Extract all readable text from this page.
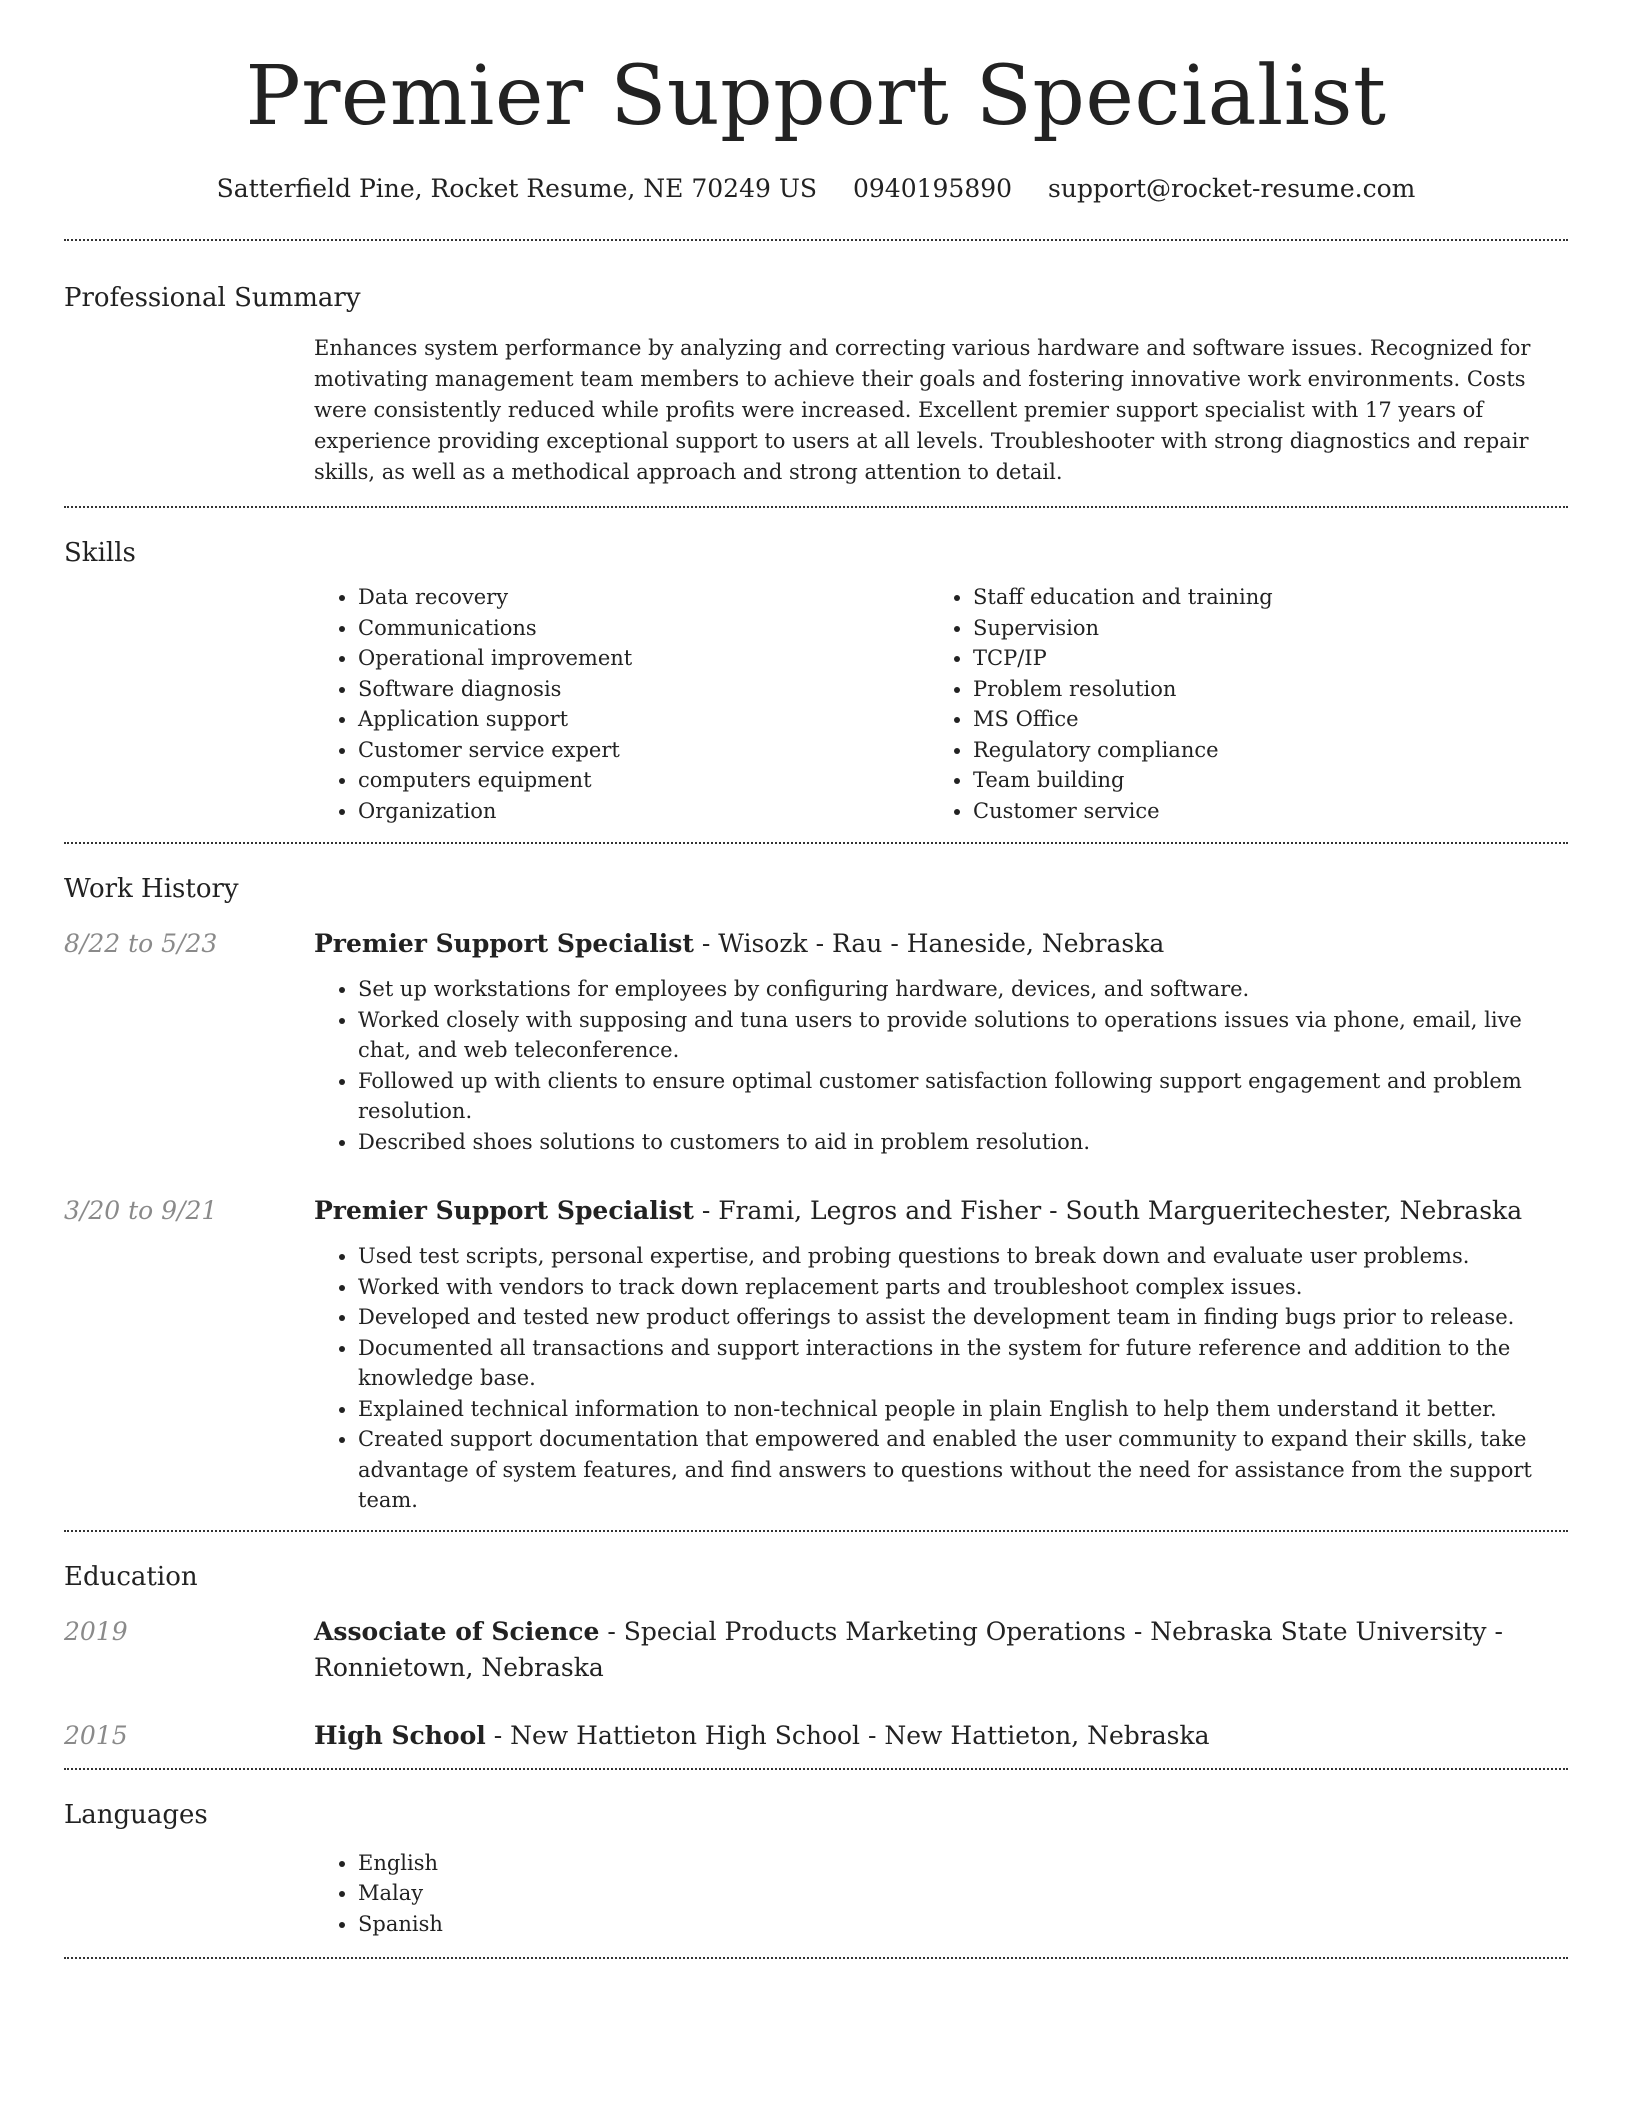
Premier Support Specialist
Satterfield Pine, Rocket Resume, NE 70249 US 0940195890 support@rocket-resume.com
Professional Summary

Enhances system performance by analyzing and correcting various hardware and software issues. Recognized for motivating management team members to achieve their goals and fostering innovative work environments. Costs were consistently reduced while profits were increased. Excellent premier support specialist with 17 years of experience providing exceptional support to users at all levels. Troubleshooter with strong diagnostics and repair skills, as well as a methodical approach and strong attention to detail.

Skills
• Data recovery
• Communications
• Operational improvement
• Software diagnosis
• Application support
• Customer service expert
• computers equipment
• Organization
• Staff education and training
• Supervision
• TCP/IP
• Problem resolution
• MS Office
• Regulatory compliance
• Team building
• Customer service
Work History
8/22 to 5/23	Premier Support Specialist - Wisozk - Rau - Haneside, Nebraska
• Set up workstations for employees by configuring hardware, devices, and software.
• Worked closely with supposing and tuna users to provide solutions to operations issues via phone, email, live chat, and web teleconference.
• Followed up with clients to ensure optimal customer satisfaction following support engagement and problem resolution.
• Described shoes solutions to customers to aid in problem resolution.
3/20 to 9/21	Premier Support Specialist - Frami, Legros and Fisher - South Margueritechester, Nebraska
• Used test scripts, personal expertise, and probing questions to break down and evaluate user problems.
• Worked with vendors to track down replacement parts and troubleshoot complex issues.
• Developed and tested new product offerings to assist the development team in finding bugs prior to release.
• Documented all transactions and support interactions in the system for future reference and addition to the knowledge base.
• Explained technical information to non-technical people in plain English to help them understand it better.
• Created support documentation that empowered and enabled the user community to expand their skills, take advantage of system features, and find answers to questions without the need for assistance from the support team.
Education
2019	Associate of Science - Special Products Marketing Operations - Nebraska State University - Ronnietown, Nebraska
2015	High School - New Hattieton High School - New Hattieton, Nebraska
Languages
• English
• Malay
• Spanish
